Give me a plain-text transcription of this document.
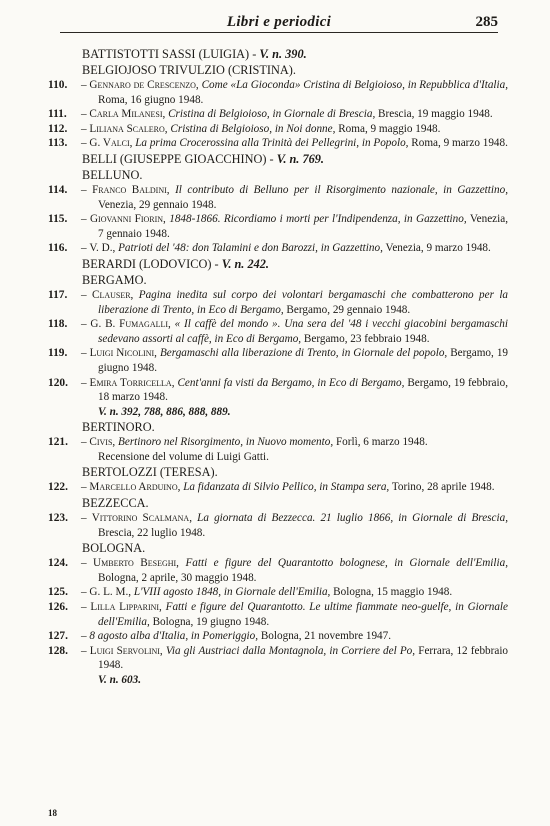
Libri e periodici	285
BATTISTOTTI SASSI (LUIGIA) - V. n. 390.
BELGIOJOSO TRIVULZIO (CRISTINA).
110.	– Gennaro de Crescenzo, Come «La Gioconda» Cristina di Belgioioso, in Repubblica d'Italia, Roma, 16 giugno 1948.
111.	– Carla Milanesi, Cristina di Belgioioso, in Giornale di Brescia, Brescia, 19 maggio 1948.
112.	– Liliana Scalero, Cristina di Belgioioso, in Noi donne, Roma, 9 maggio 1948.
113.	– G. Valci, La prima Crocerossina alla Trinità dei Pellegrini, in Popolo, Roma, 9 marzo 1948.
BELLI (GIUSEPPE GIOACCHINO) - V. n. 769.
BELLUNO.
114.	– Franco Baldini, Il contributo di Belluno per il Risorgimento nazionale, in Gazzettino, Venezia, 29 gennaio 1948.
115.	– Giovanni Fiorin, 1848-1866. Ricordiamo i morti per l'Indipendenza, in Gazzettino, Venezia, 7 gennaio 1948.
116.	– V. D., Patrioti del '48: don Talamini e don Barozzi, in Gazzettino, Venezia, 9 marzo 1948.
BERARDI (LODOVICO) - V. n. 242.
BERGAMO.
117.	– Clauser, Pagina inedita sul corpo dei volontari bergamaschi che combatterono per la liberazione di Trento, in Eco di Bergamo, Bergamo, 29 gennaio 1948.
118.	– G. B. Fumagalli, « Il caffè del mondo ». Una sera del '48 i vecchi giacobini bergamaschi sedevano assorti al caffè, in Eco di Bergamo, Bergamo, 23 febbraio 1948.
119.	– Luigi Nicolini, Bergamaschi alla liberazione di Trento, in Giornale del popolo, Bergamo, 19 giugno 1948.
120.	– Emira Torricella, Cent'anni fa visti da Bergamo, in Eco di Bergamo, Bergamo, 19 febbraio, 18 marzo 1948.
V. n. 392, 788, 886, 888, 889.
BERTINORO.
121.	– Civis, Bertinoro nel Risorgimento, in Nuovo momento, Forlì, 6 marzo 1948.
Recensione del volume di Luigi Gatti.
BERTOLOZZI (TERESA).
122.	– Marcello Arduino, La fidanzata di Silvio Pellico, in Stampa sera, Torino, 28 aprile 1948.
BEZZECCA.
123.	– Vittorino Scalmana, La giornata di Bezzecca. 21 luglio 1866, in Giornale di Brescia, Brescia, 22 luglio 1948.
BOLOGNA.
124.	– Umberto Beseghi, Fatti e figure del Quarantotto bolognese, in Giornale dell'Emilia, Bologna, 2 aprile, 30 maggio 1948.
125.	– G. L. M., L'VIII agosto 1848, in Giornale dell'Emilia, Bologna, 15 maggio 1948.
126.	– Lilla Lipparini, Fatti e figure del Quarantotto. Le ultime fiammate neo-guelfe, in Giornale dell'Emilia, Bologna, 19 giugno 1948.
127.	– 8 agosto alba d'Italia, in Pomeriggio, Bologna, 21 novembre 1947.
128.	– Luigi Servolini, Via gli Austriaci dalla Montagnola, in Corriere del Po, Ferrara, 12 febbraio 1948.
V. n. 603.
18
